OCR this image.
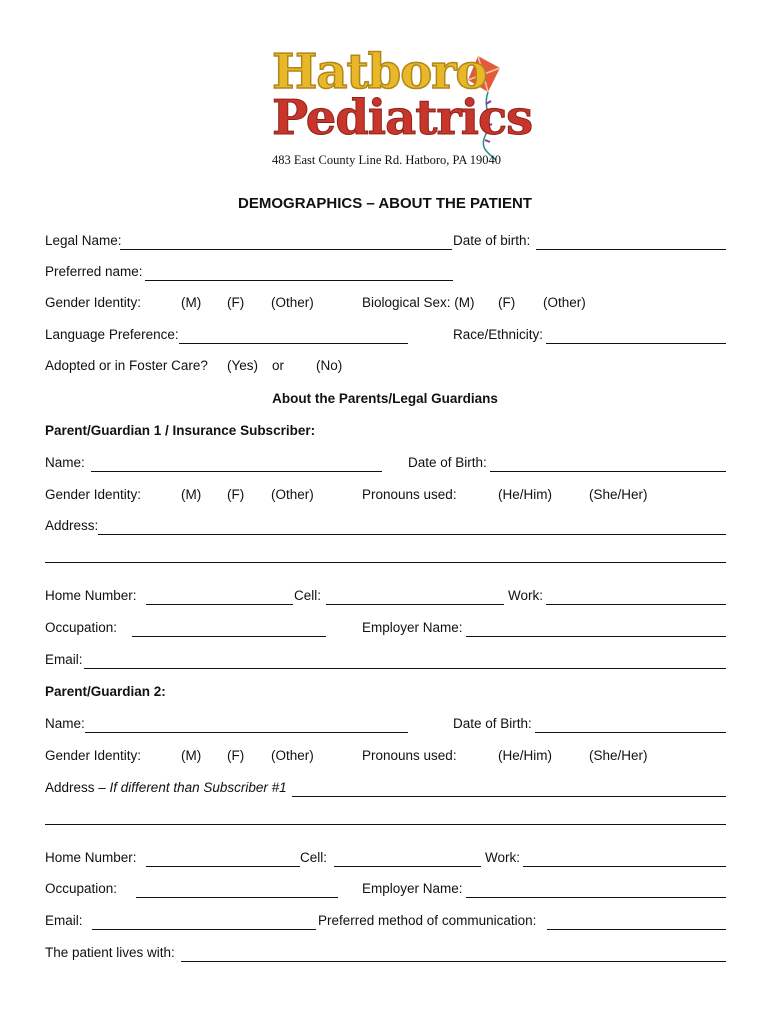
Hatboro
Pediatrics
483 East County Line Rd. Hatboro, PA 19040
DEMOGRAPHICS – ABOUT THE PATIENT
Legal Name:	Date of birth:
Preferred name:
Gender Identity:	(M) (F) (Other)	Biological Sex: (M) (F) (Other)
Language Preference:	Race/Ethnicity:
Adopted or in Foster Care? (Yes) or (No)
About the Parents/Legal Guardians
Parent/Guardian 1 / Insurance Subscriber:
Name:	Date of Birth:
Gender Identity:	(M) (F) (Other)	Pronouns used:	(He/Him)	(She/Her)
Address:
Home Number:	Cell:	Work:
Occupation:	Employer Name:
Email:
Parent/Guardian 2:
Name:	Date of Birth:
Gender Identity:	(M) (F) (Other)	Pronouns used:	(He/Him)	(She/Her)
Address – If different than Subscriber #1
Home Number:	Cell:	Work:
Occupation:	Employer Name:
Email:	Preferred method of communication:
The patient lives with:
